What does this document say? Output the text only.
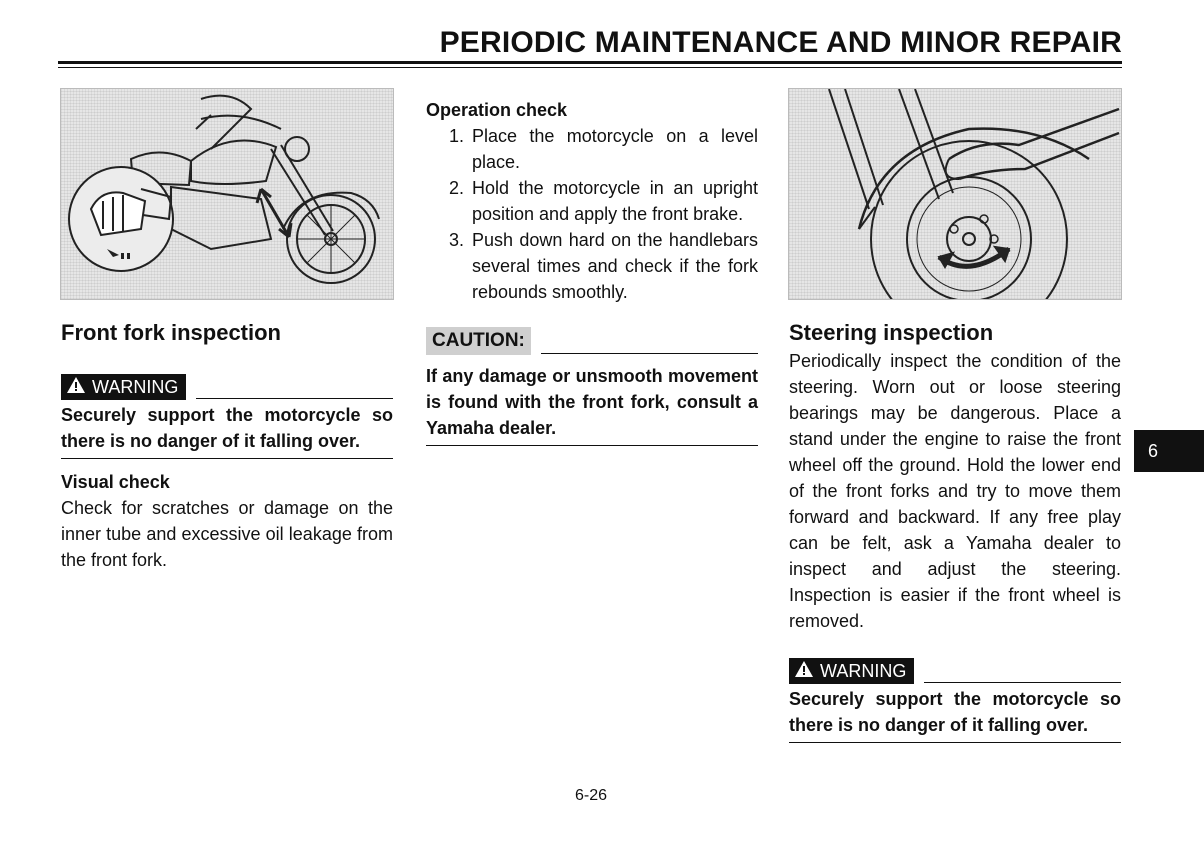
PERIODIC MAINTENANCE AND MINOR REPAIR
Front fork inspection
WARNING

Securely support the motorcycle so there is no danger of it falling over.

Visual check

Check for scratches or damage on the inner tube and excessive oil leakage from the front fork.

Operation check

1. Place the motorcycle on a level place.
2. Hold the motorcycle in an upright position and apply the front brake.
3. Push down hard on the handlebars several times and check if the fork rebounds smoothly.
CAUTION:

If any damage or unsmooth movement is found with the front fork, consult a Yamaha dealer.

Steering inspection

Periodically inspect the condition of the steering. Worn out or loose steering bearings may be dangerous. Place a stand under the engine to raise the front wheel off the ground. Hold the lower end of the front forks and try to move them forward and backward. If any free play can be felt, ask a Yamaha dealer to inspect and adjust the steering. Inspection is easier if the front wheel is removed.

WARNING

Securely support the motorcycle so there is no danger of it falling over.

6
6-26
